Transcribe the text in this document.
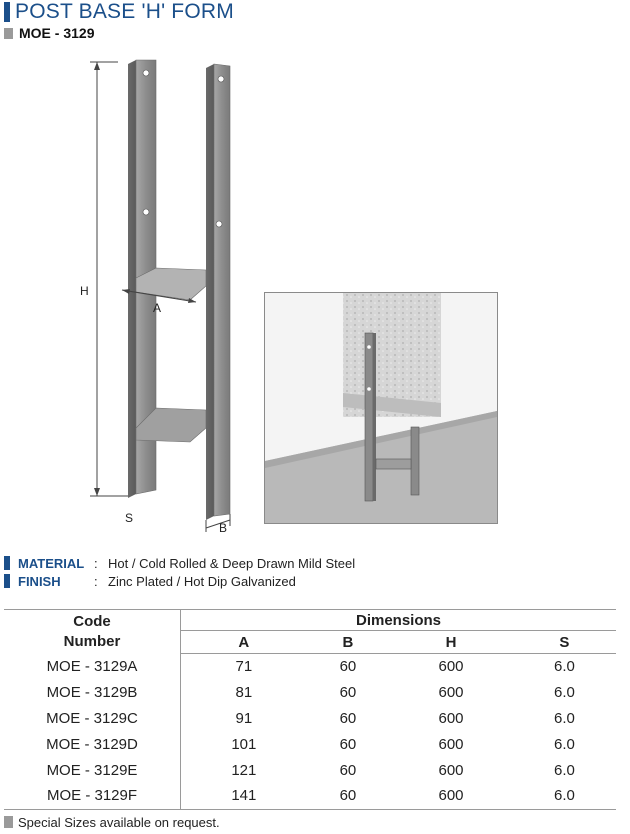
POST BASE 'H' FORM
MOE - 3129
A
H
S
B
MATERIAL : Hot / Cold Rolled & Deep Drawn Mild Steel
FINISH	: Zinc Plated / Hot Dip Galvanized
Code
Number	Dimensions			
	A	B	H	S
MOE - 3129A	71	60	600	6.0
MOE - 3129B	81	60	600	6.0
MOE - 3129C	91	60	600	6.0
MOE - 3129D	101	60	600	6.0
MOE - 3129E	121	60	600	6.0
MOE - 3129F	141	60	600	6.0
Special Sizes available on request.
